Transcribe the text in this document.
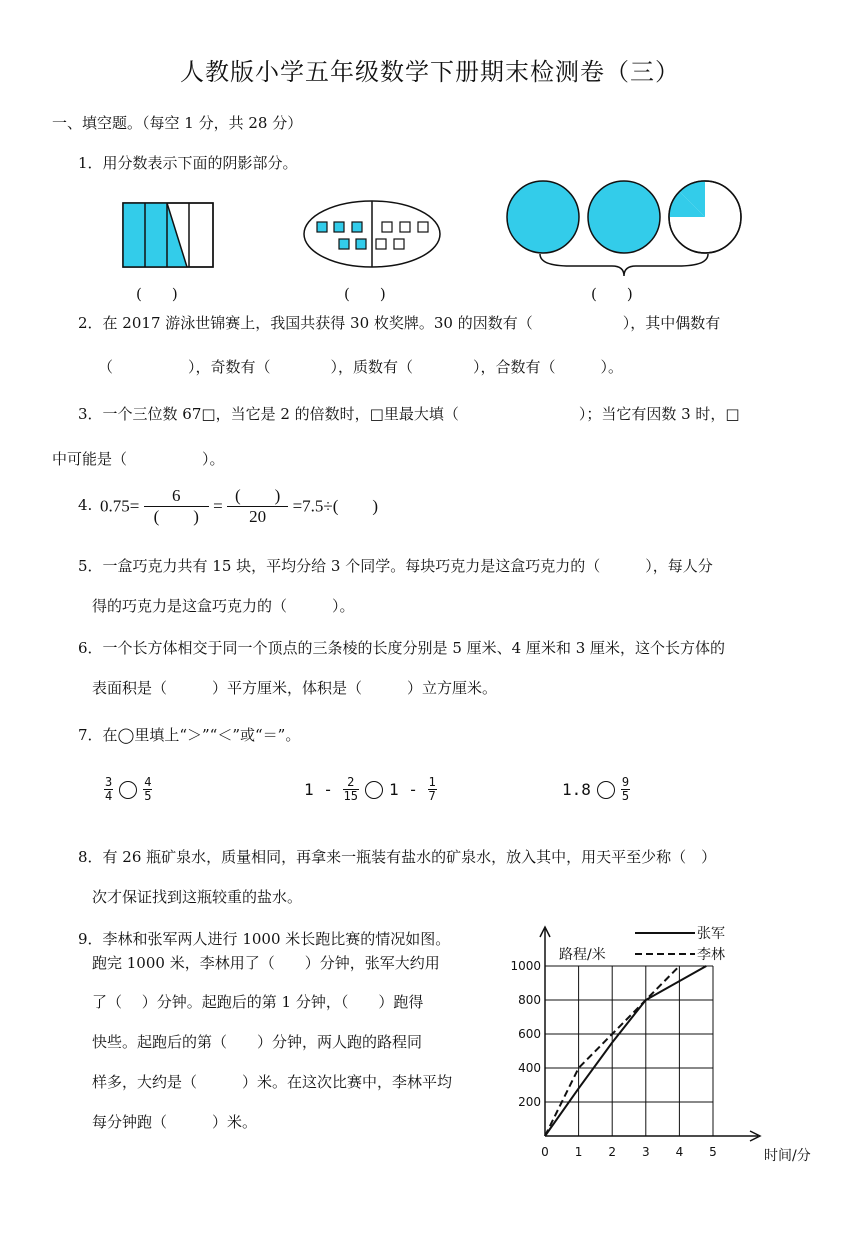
人教版小学五年级数学下册期末检测卷（三）
一、填空题。（每空 1 分，共 28 分）
1．用分数表示下面的阴影部分。
(　　)	(　　)	(　　)
2．在 2017 游泳世锦赛上，我国共获得 30 枚奖牌。30 的因数有（　　　　　　），其中偶数有
（　　　　　），奇数有（　　　　），质数有（　　　　），合数有（　　　）。
3．一个三位数 67□，当它是 2 的倍数时，□里最大填（　　　　　　　　）；当它有因数 3 时，□
中可能是（　　　　　）。
4. $0.75= \frac{6}{( )} = \frac{( )}{20} =7.5\div$(　　)
5．一盒巧克力共有 15 块，平均分给 3 个同学。每块巧克力是这盒巧克力的（　　　），每人分
得的巧克力是这盒巧克力的（　　　）。
6．一个长方体相交于同一个顶点的三条棱的长度分别是 5 厘米、4 厘米和 3 厘米，这个长方体的
表面积是（　　　）平方厘米，体积是（　　　）立方厘米。
7．在◯里填上“＞”“＜”或“＝”。
$\frac{3}{4}$	$\frac{4}{5}$	$1 - \frac{2}{15} 1 - \frac{1}{7}$	1.8	$\frac{9}{5}$
8．有 26 瓶矿泉水，质量相同，再拿来一瓶装有盐水的矿泉水，放入其中，用天平至少称（　）
次才保证找到这瓶较重的盐水。
9．李林和张军两人进行 1000 米长跑比赛的情况如图。
跑完 1000 米，李林用了（　　）分钟，张军大约用
了（　 ）分钟。起跑后的第 1 分钟，（　　）跑得
快些。起跑后的第（　　）分钟，两人跑的路程同
样多，大约是（　　　）米。在这次比赛中，李林平均
每分钟跑（　　　）米。
0 1 2 3 4 5
200
400
600
800
1000
路程/米
时间/分
张军
李林
